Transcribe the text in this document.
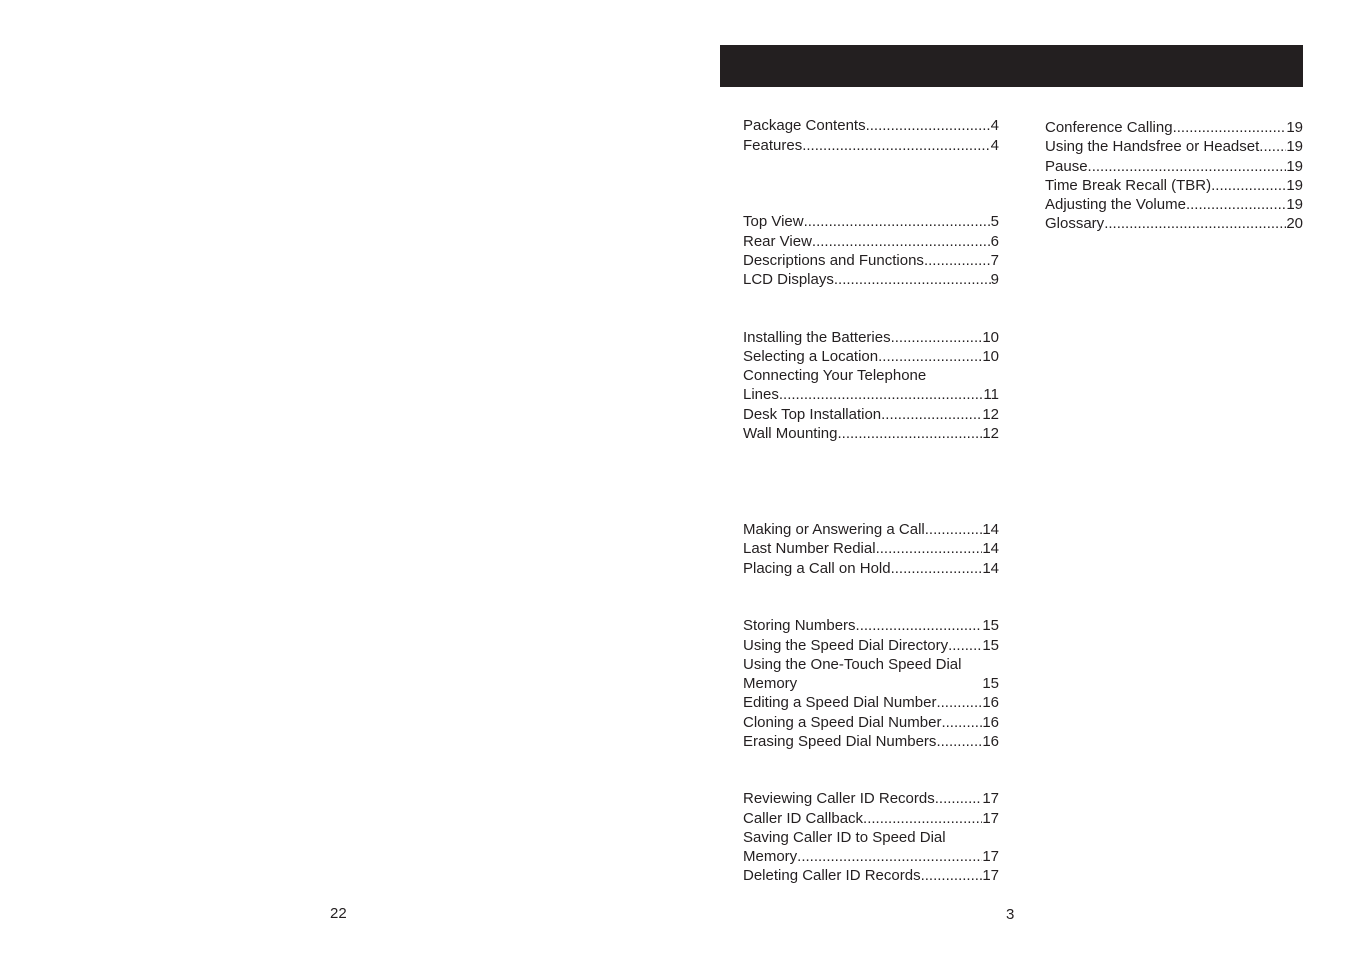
Package Contents .....	4
Features .....	4
Top View .....	5
Rear View .....	6
Descriptions and Functions .....	7
LCD Displays .....	9
Installing the Batteries .....	10
Selecting a Location .....	10
Connecting Your Telephone
Lines .....	11
Desk Top Installation .....	12
Wall Mounting .....	12
Making or Answering a Call .....	14
Last Number Redial .....	14
Placing a Call on Hold .....	14
Storing Numbers .....	15
Using the Speed Dial Directory ..... 15
Using the One-Touch Speed Dial
Memory	15
Editing a Speed Dial Number .....	16
Cloning a Speed Dial Number .....	16
Erasing Speed Dial Numbers .....	16
Reviewing Caller ID Records .....	17
Caller ID Callback .....	17
Saving Caller ID to Speed Dial
Memory .....	17
Deleting Caller ID Records .....	17
Conference Calling .....	19
Using the Handsfree or Headset ..... 19
Pause .....	19
Time Break Recall (TBR) .....	19
Adjusting the Volume .....	19
Glossary .....	20
22	3
